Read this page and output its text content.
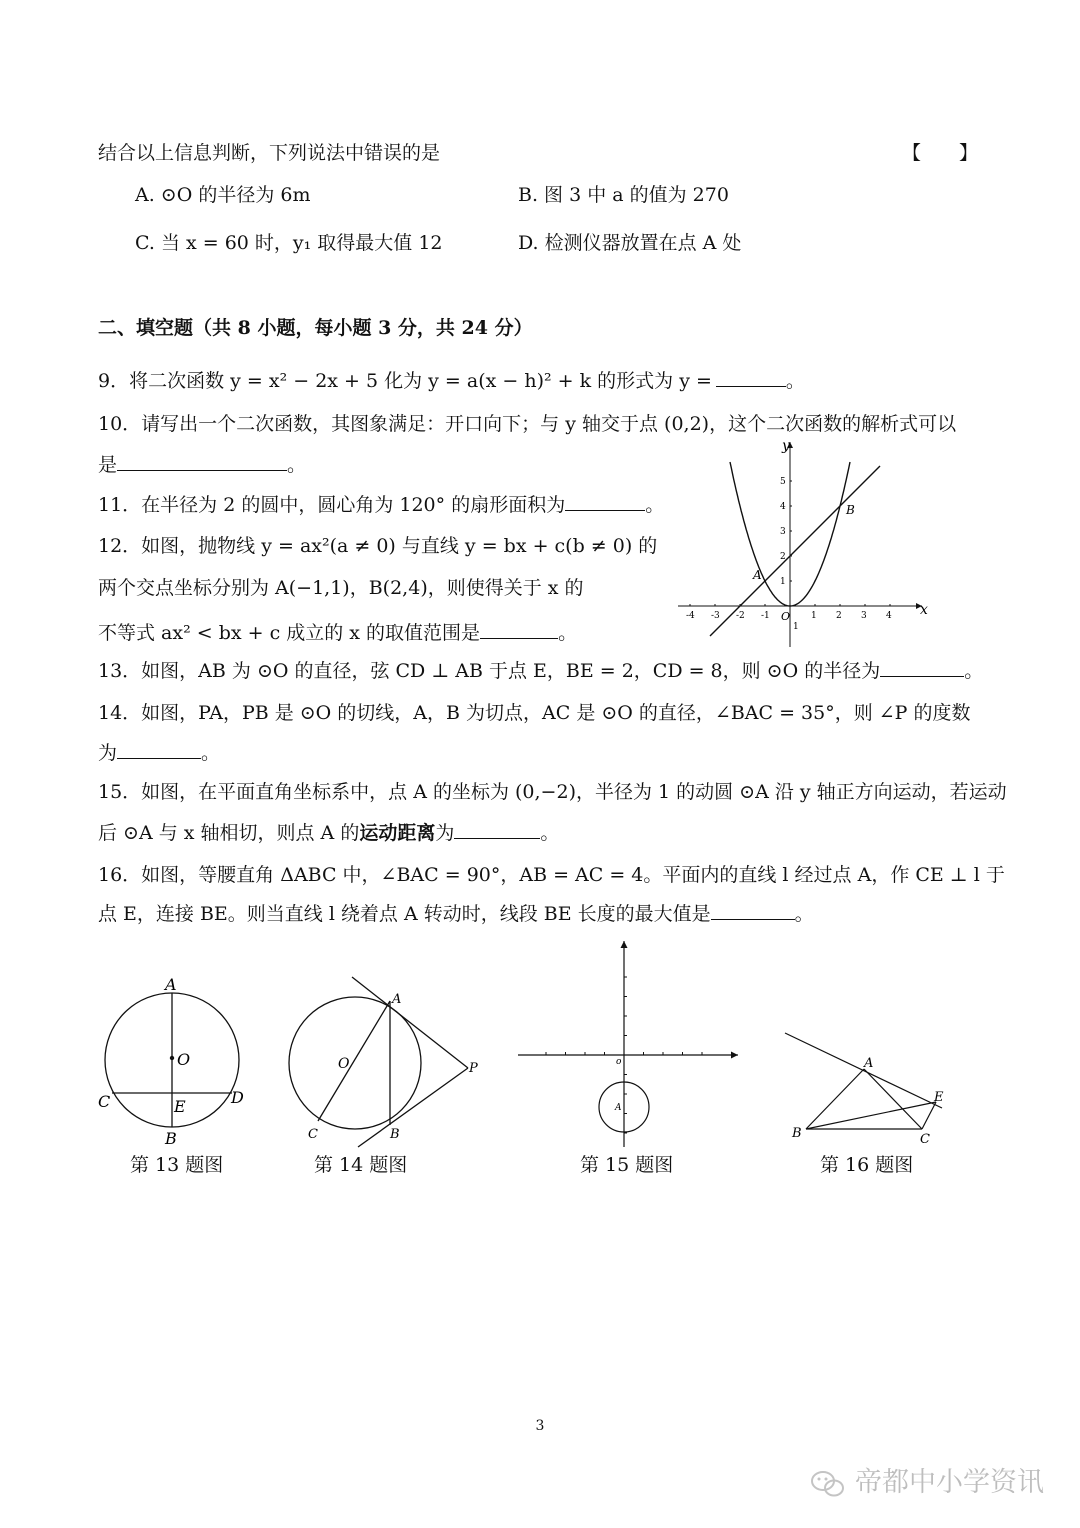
结合以上信息判断，下列说法中错误的是	【　　】
A. ⊙O 的半径为 6m	B. 图 3 中 a 的值为 270
C. 当 x = 60 时，y₁ 取得最大值 12	D. 检测仪器放置在点 A 处
二、填空题（共 8 小题，每小题 3 分，共 24 分）
9．将二次函数 y = x² − 2x + 5 化为 y = a(x − h)² + k 的形式为 y =	。
10．请写出一个二次函数，其图象满足：开口向下；与 y 轴交于点 (0,2)，这个二次函数的解析式可以
是	。
11．在半径为 2 的圆中，圆心角为 120° 的扇形面积为	。
12．如图，抛物线 y = ax²(a ≠ 0) 与直线 y = bx + c(b ≠ 0) 的
两个交点坐标分别为 A(−1,1)，B(2,4)，则使得关于 x 的
不等式 ax² < bx + c 成立的 x 的取值范围是	。
-4 -3 -2 -1	1 2 3 4
1
2
3
4
5
x
y
O
1
A
B
13．如图，AB 为 ⊙O 的直径，弦 CD ⊥ AB 于点 E，BE = 2，CD = 8，则 ⊙O 的半径为	。
14．如图，PA，PB 是 ⊙O 的切线，A，B 为切点，AC 是 ⊙O 的直径，∠BAC = 35°，则 ∠P 的度数
为	。
15．如图，在平面直角坐标系中，点 A 的坐标为 (0,−2)，半径为 1 的动圆 ⊙A 沿 y 轴正方向运动，若运动
后 ⊙A 与 x 轴相切，则点 A 的运动距离为	。
16．如图，等腰直角 ΔABC 中，∠BAC = 90°，AB = AC = 4。平面内的直线 l 经过点 A，作 CE ⊥ l 于
点 E，连接 BE。则当直线 l 绕着点 A 转动时，线段 BE 长度的最大值是	。
A
O
C	E	D
B
第 13 题图
A
O	P
C	B
第 14 题图
o
A
第 15 题图
A
E
B	C
第 16 题图
3
帝都中小学资讯
